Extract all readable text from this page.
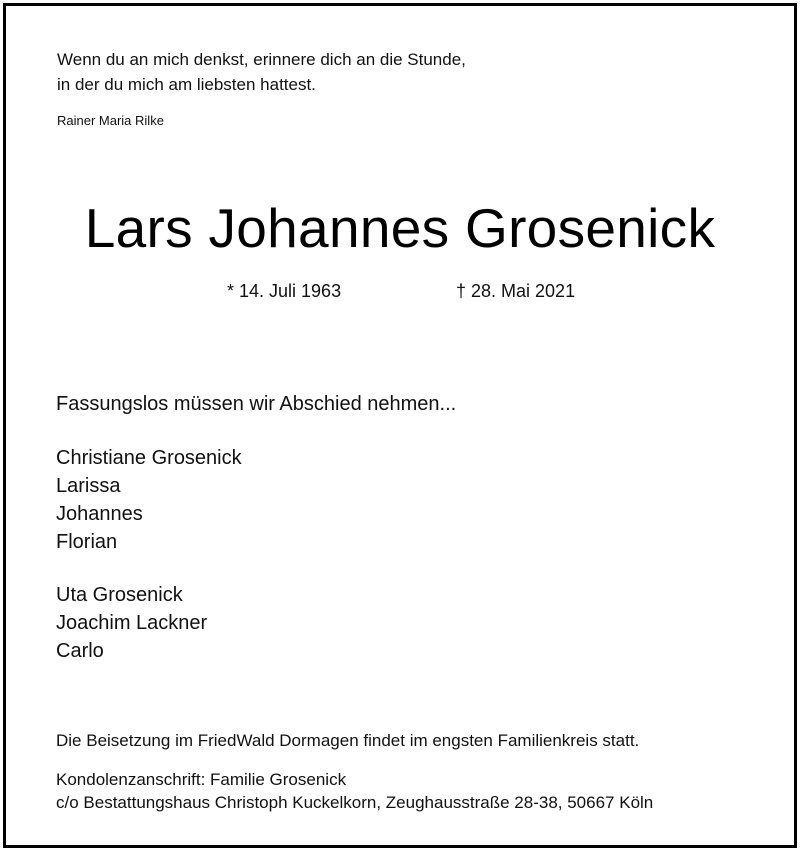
Wenn du an mich denkst, erinnere dich an die Stunde,
in der du mich am liebsten hattest.
Rainer Maria Rilke
Lars Johannes Grosenick
* 14. Juli 1963	† 28. Mai 2021
Fassungslos müssen wir Abschied nehmen...
Christiane Grosenick
Larissa
Johannes
Florian
Uta Grosenick
Joachim Lackner
Carlo
Die Beisetzung im FriedWald Dormagen findet im engsten Familienkreis statt.
Kondolenzanschrift: Familie Grosenick
c/o Bestattungshaus Christoph Kuckelkorn, Zeughausstraße 28-38, 50667 Köln
